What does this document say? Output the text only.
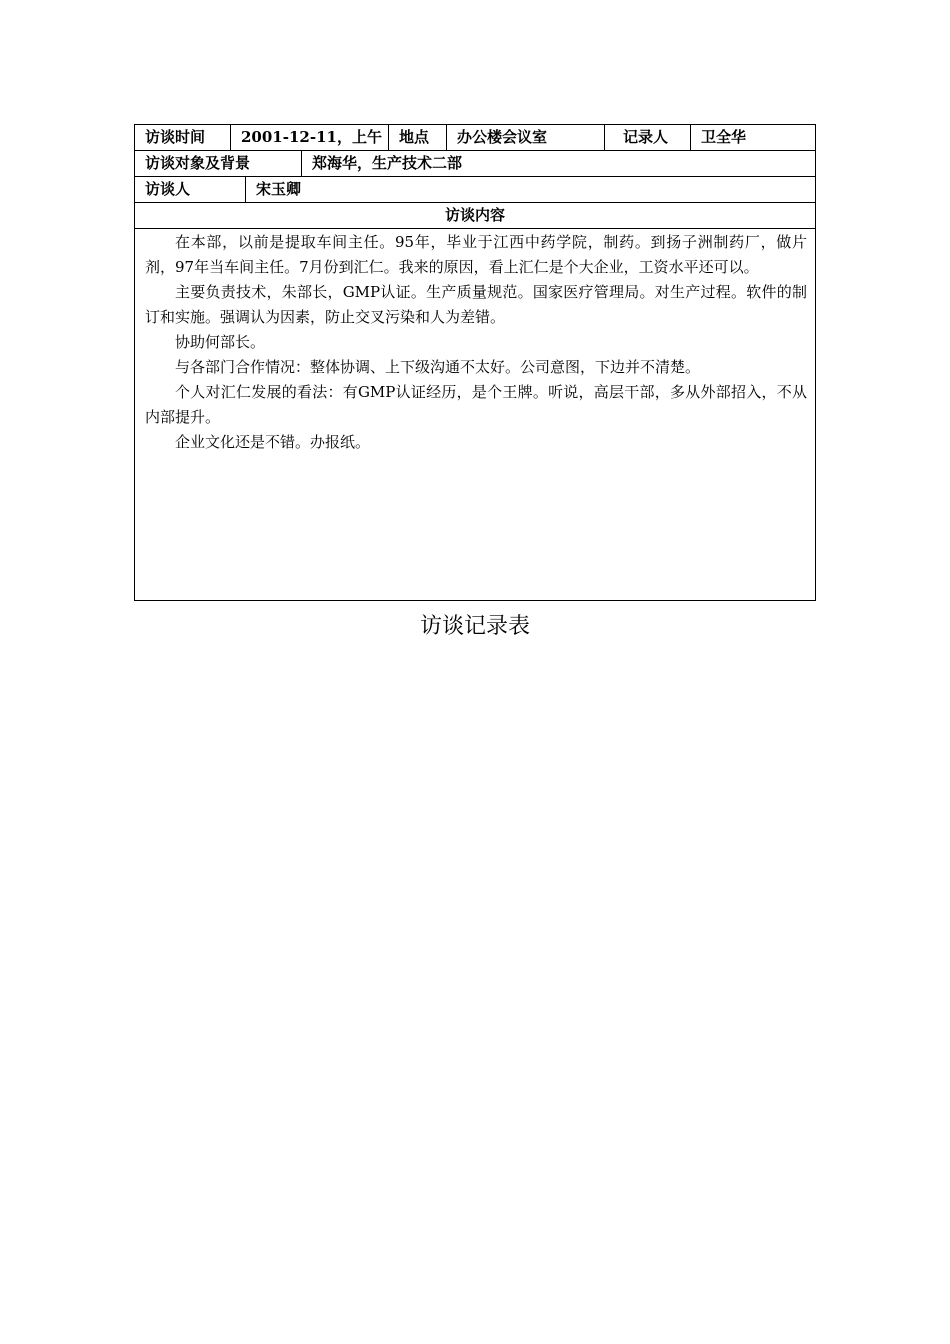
访谈时间	2001-12-11，上午	地点	办公楼会议室	记录人	卫全华
访谈对象及背景	郑海华，生产技术二部
访谈人	宋玉卿
访谈内容

在本部，以前是提取车间主任。95年，毕业于江西中药学院，制药。到扬子洲制药厂，做片剂，97年当车间主任。7月份到汇仁。我来的原因，看上汇仁是个大企业，工资水平还可以。

主要负责技术，朱部长，GMP认证。生产质量规范。国家医疗管理局。对生产过程。软件的制订和实施。强调认为因素，防止交叉污染和人为差错。

协助何部长。

与各部门合作情况：整体协调、上下级沟通不太好。公司意图，下边并不清楚。

个人对汇仁发展的看法：有GMP认证经历，是个王牌。听说，高层干部，多从外部招入，不从内部提升。

企业文化还是不错。办报纸。

访谈记录表
